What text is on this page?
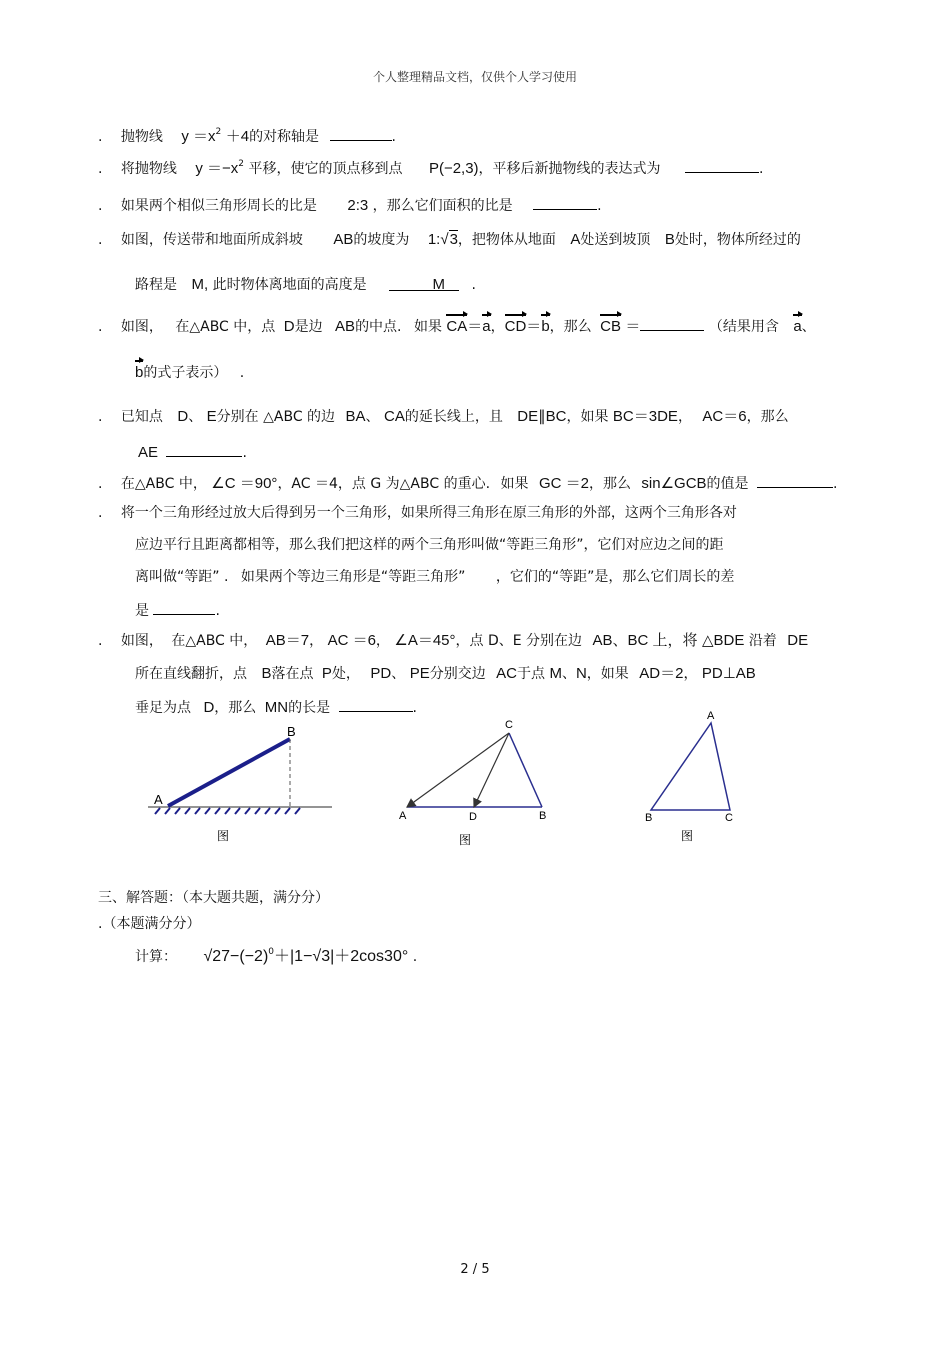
个人整理精品文档，仅供个人学习使用
. 抛物线 $y =x^2 +4$的对称轴是	.
. 将抛物线 $y =-x^2$ 平移，使它的顶点移到点 P(−2,3)，平移后新抛物线的表达式为	.
. 如果两个相似三角形周长的比是 2:3 ，那么它们面积的比是	.
. 如图，传送带和地面所成斜坡 AB的坡度为 1:√3，把物体从地面 A处送到坡顶 B处时，物体所经过的
路程是 M, 此时物体离地面的高度是	M .
. 如图， 在△ABC 中，点 D是边 AB的中点. 如果 CA＝a，CD＝b，那么 CB ＝	（结果用含 a、
b的式子表示） .
. 已知点 D、 E分别在 △ABC 的边 BA、 CA的延长线上，且 DE∥BC，如果 BC＝3DE， AC＝6，那么
AE	.
. 在△ABC 中， ∠C ＝90°，AC ＝4，点 G 为△ABC 的重心. 如果 GC ＝2，那么 sin∠GCB的值是	.
. 将一个三角形经过放大后得到另一个三角形，如果所得三角形在原三角形的外部，这两个三角形各对
应边平行且距离都相等，那么我们把这样的两个三角形叫做“等距三角形”，它们对应边之间的距
离叫做“等距” . 如果两个等边三角形是“等距三角形” ，它们的“等距”是，那么它们周长的差
是	.
. 如图， 在△ABC 中， AB＝7， AC ＝6， ∠A＝45°，点 D、E 分别在边 AB、BC 上，将 △BDE 沿着 DE
所在直线翻折，点 B落在点 P处， PD、 PE分别交边 AC于点 M、N，如果 AD＝2， PD⊥AB
垂足为点 D，那么 MN的长是	.
A
B
图
C
A	D	B
图
A
B	C
图
三、解答题：（本大题共题，满分分）
.（本题满分分）
计算： $√27-(-2)^0+|1-√3|+2\cos 30^\circ$ .
2 / 5
